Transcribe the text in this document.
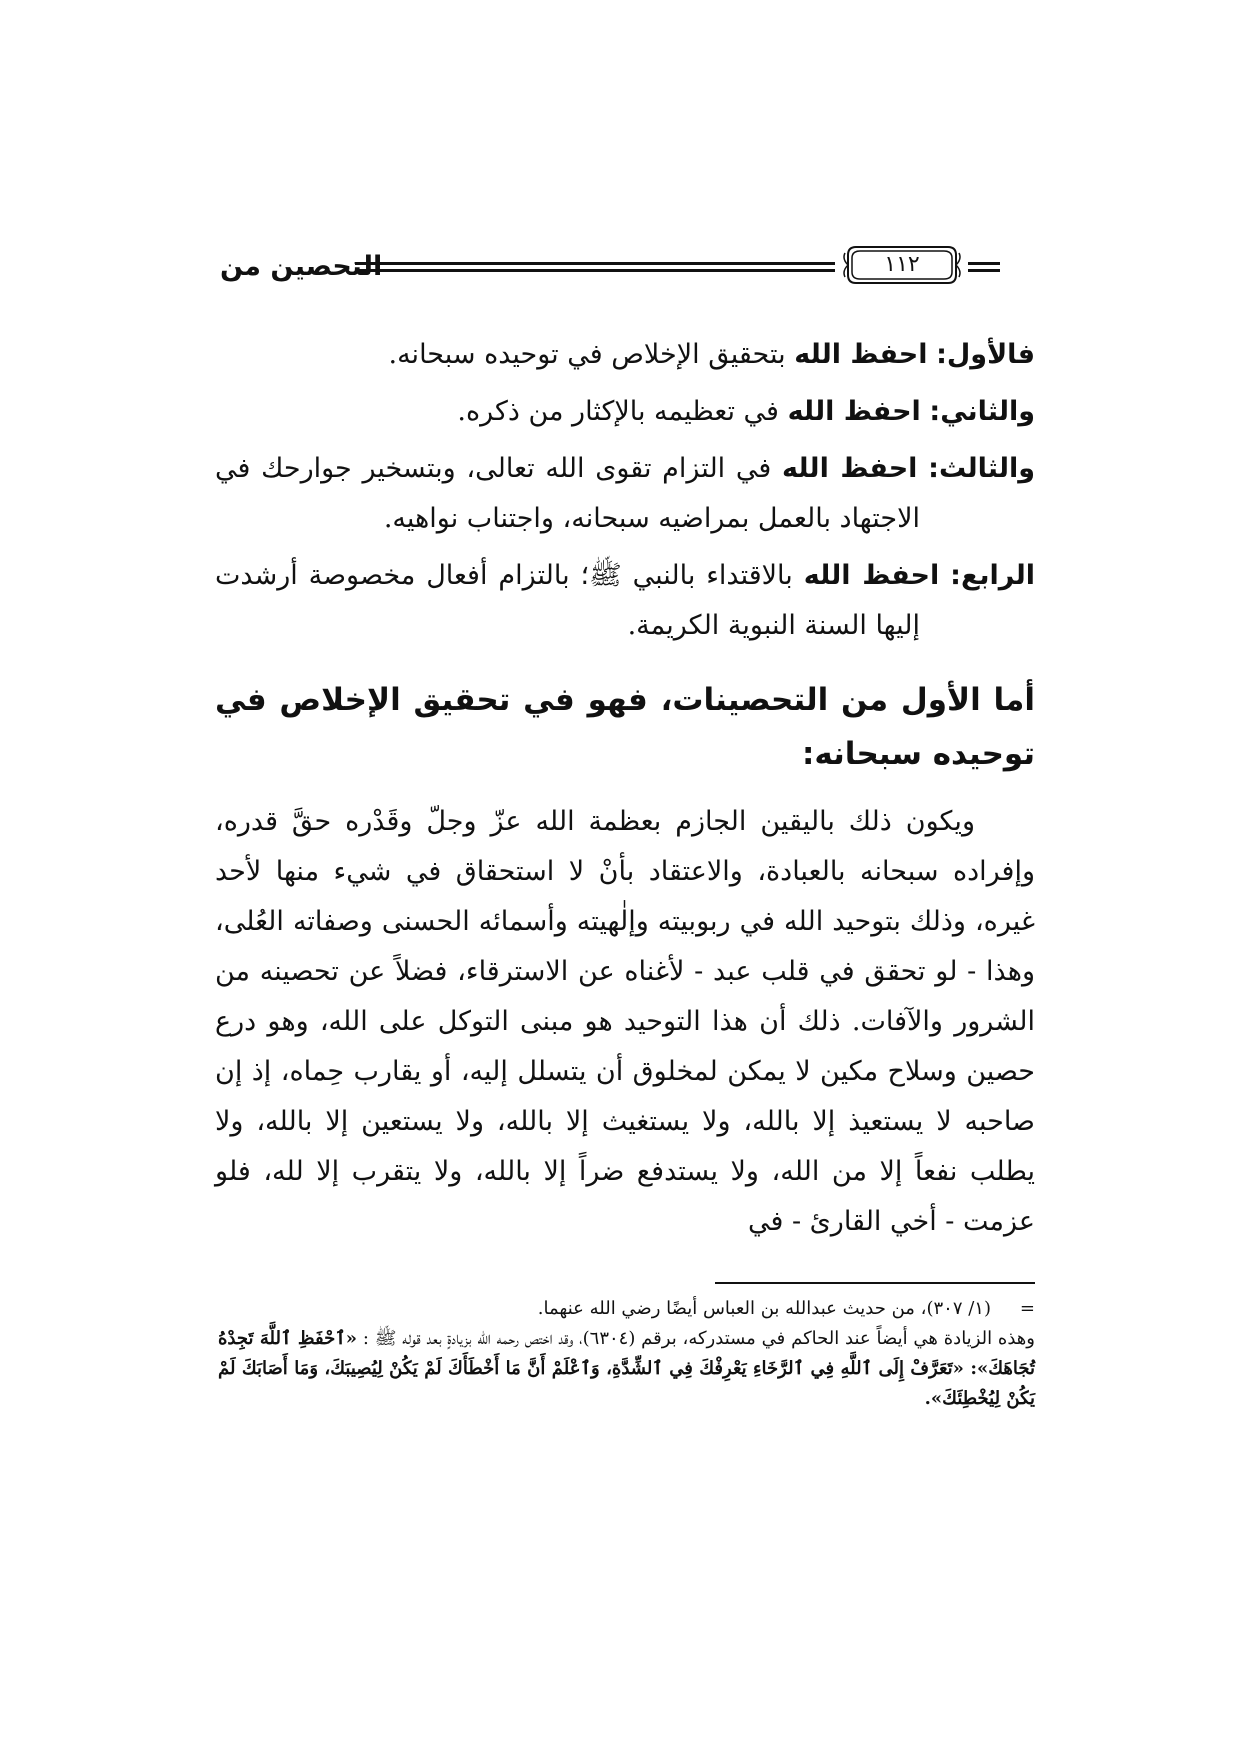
التحصين من	١١٢

فالأول: احفظ الله بتحقيق الإخلاص في توحيده سبحانه.

والثاني: احفظ الله في تعظيمه بالإكثار من ذكره.

والثالث: احفظ الله في التزام تقوى الله تعالى، وبتسخير جوارحك في الاجتهاد بالعمل بمراضيه سبحانه، واجتناب نواهيه.

الرابع: احفظ الله بالاقتداء بالنبي ﷺ؛ بالتزام أفعال مخصوصة أرشدت إليها السنة النبوية الكريمة.

أما الأول من التحصينات، فهو في تحقيق الإخلاص في توحيده سبحانه:

ويكون ذلك باليقين الجازم بعظمة الله عزّ وجلّ وقَدْره حقَّ قدره، وإفراده سبحانه بالعبادة، والاعتقاد بأنْ لا استحقاق في شيء منها لأحد غيره، وذلك بتوحيد الله في ربوبيته وإلٰهيته وأسمائه الحسنى وصفاته العُلى، وهذا - لو تحقق في قلب عبد - لأغناه عن الاسترقاء، فضلاً عن تحصينه من الشرور والآفات. ذلك أن هذا التوحيد هو مبنى التوكل على الله، وهو درع حصين وسلاح مكين لا يمكن لمخلوق أن يتسلل إليه، أو يقارب حِماه، إذ إن صاحبه لا يستعيذ إلا بالله، ولا يستغيث إلا بالله، ولا يستعين إلا بالله، ولا يطلب نفعاً إلا من الله، ولا يستدفع ضراً إلا بالله، ولا يتقرب إلا لله، فلو عزمت - أخي القارئ - في

=(١/ ٣٠٧)، من حديث عبدالله بن العباس أيضًا رضي الله عنهما.

وهذه الزيادة هي أيضاً عند الحاكم في مستدركه، برقم (٦٣٠٤)، وقد اختص رحمه الله بزيادةٍ بعد قوله ﷺ : «ٱحْفَظِ ٱللَّهَ تَجِدْهُ تُجَاهَكَ»: «تَعَرَّفْ إِلَى ٱللَّهِ فِي ٱلرَّخَاءِ يَعْرِفْكَ فِي ٱلشِّدَّةِ، وَٱعْلَمْ أَنَّ مَا أَخْطَأَكَ لَمْ يَكُنْ لِيُصِيبَكَ، وَمَا أَصَابَكَ لَمْ يَكُنْ لِيُخْطِئَكَ».
